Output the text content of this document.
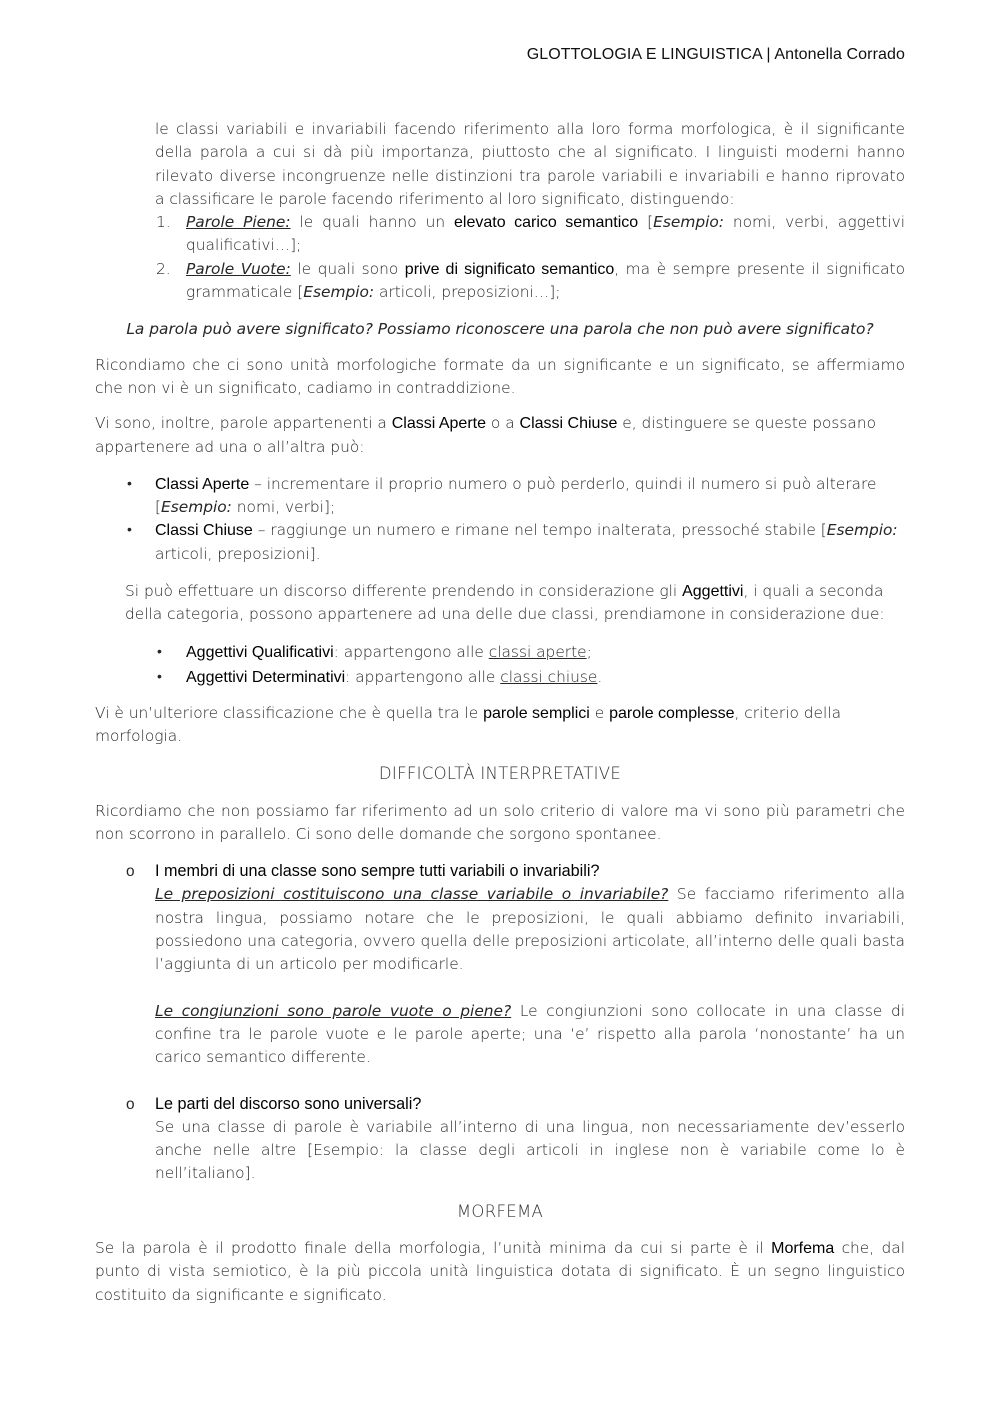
GLOTTOLOGIA E LINGUISTICA | Antonella Corrado

le classi variabili e invariabili facendo riferimento alla loro forma morfologica, è il significante della parola a cui si dà più importanza, piuttosto che al significato. I linguisti moderni hanno rilevato diverse incongruenze nelle distinzioni tra parole variabili e invariabili e hanno riprovato a classificare le parole facendo riferimento al loro significato, distinguendo:

1. Parole Piene: le quali hanno un elevato carico semantico [Esempio: nomi, verbi, aggettivi qualificativi…];

2. Parole Vuote: le quali sono prive di significato semantico, ma è sempre presente il significato grammaticale [Esempio: articoli, preposizioni…];

La parola può avere significato? Possiamo riconoscere una parola che non può avere significato?

Ricondiamo che ci sono unità morfologiche formate da un significante e un significato, se affermiamo che non vi è un significato, cadiamo in contraddizione.

Vi sono, inoltre, parole appartenenti a Classi Aperte o a Classi Chiuse e, distinguere se queste possano appartenere ad una o all’altra può:

• Classi Aperte – incrementare il proprio numero o può perderlo, quindi il numero si può alterare [Esempio: nomi, verbi];
• Classi Chiuse – raggiunge un numero e rimane nel tempo inalterata, pressoché stabile [Esempio: articoli, preposizioni].

Si può effettuare un discorso differente prendendo in considerazione gli Aggettivi, i quali a seconda della categoria, possono appartenere ad una delle due classi, prendiamone in considerazione due:

• Aggettivi Qualificativi: appartengono alle classi aperte;
• Aggettivi Determinativi: appartengono alle classi chiuse.

Vi è un’ulteriore classificazione che è quella tra le parole semplici e parole complesse, criterio della morfologia.

DIFFICOLTÀ INTERPRETATIVE

Ricordiamo che non possiamo far riferimento ad un solo criterio di valore ma vi sono più parametri che non scorrono in parallelo. Ci sono delle domande che sorgono spontanee.

o I membri di una classe sono sempre tutti variabili o invariabili?

Le preposizioni costituiscono una classe variabile o invariabile? Se facciamo riferimento alla nostra lingua, possiamo notare che le preposizioni, le quali abbiamo definito invariabili, possiedono una categoria, ovvero quella delle preposizioni articolate, all’interno delle quali basta l’aggiunta di un articolo per modificarle.

Le congiunzioni sono parole vuote o piene? Le congiunzioni sono collocate in una classe di confine tra le parole vuote e le parole aperte; una ‘e’ rispetto alla parola ‘nonostante’ ha un carico semantico differente.

o Le parti del discorso sono universali?

Se una classe di parole è variabile all’interno di una lingua, non necessariamente dev’esserlo anche nelle altre [Esempio: la classe degli articoli in inglese non è variabile come lo è nell’italiano].

MORFEMA

Se la parola è il prodotto finale della morfologia, l’unità minima da cui si parte è il Morfema che, dal punto di vista semiotico, è la più piccola unità linguistica dotata di significato. È un segno linguistico costituito da significante e significato.
